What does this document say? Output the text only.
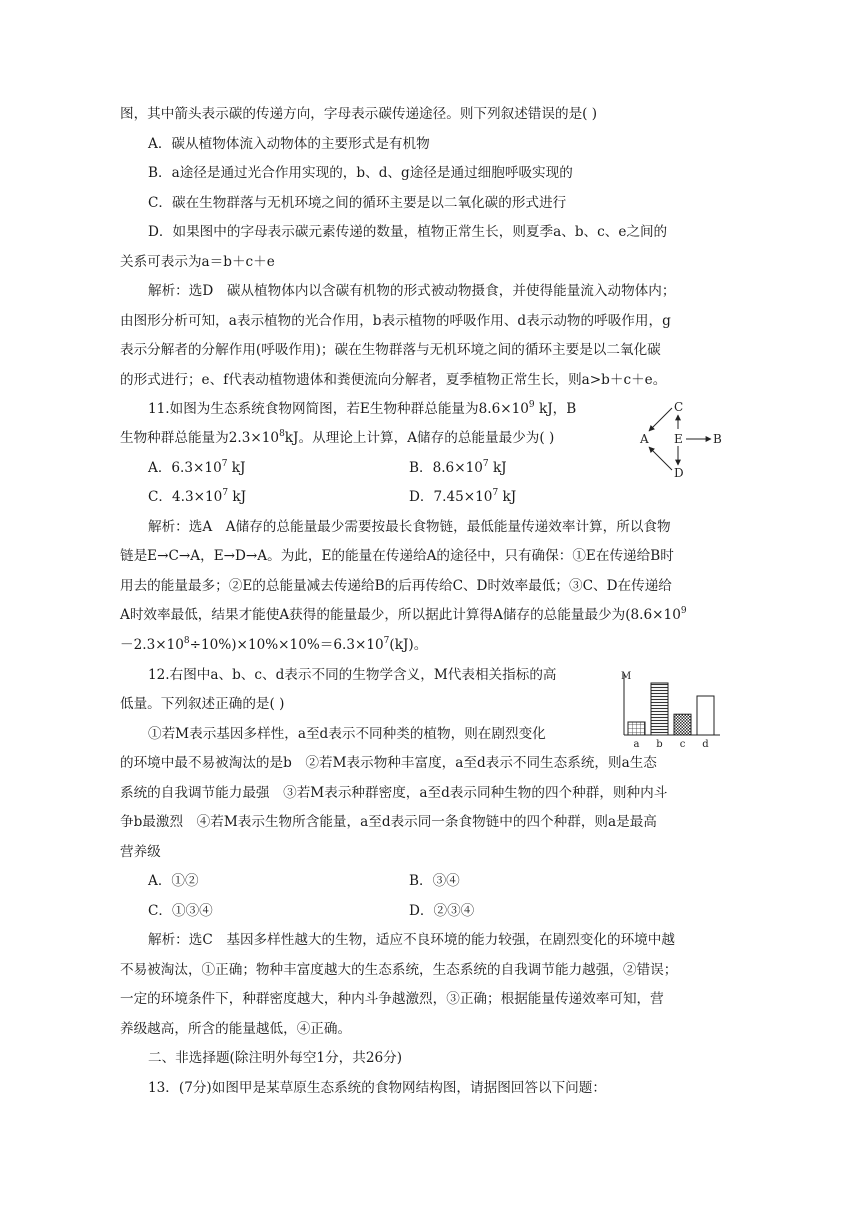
图，其中箭头表示碳的传递方向，字母表示碳传递途径。则下列叙述错误的是( )
A．碳从植物体流入动物体的主要形式是有机物
B．a途径是通过光合作用实现的，b、d、g途径是通过细胞呼吸实现的
C．碳在生物群落与无机环境之间的循环主要是以二氧化碳的形式进行
D．如果图中的字母表示碳元素传递的数量，植物正常生长，则夏季a、b、c、e之间的
关系可表示为a＝b＋c＋e
解析：选D　碳从植物体内以含碳有机物的形式被动物摄食，并使得能量流入动物体内；
由图形分析可知，a表示植物的光合作用，b表示植物的呼吸作用、d表示动物的呼吸作用，g
表示分解者的分解作用(呼吸作用)；碳在生物群落与无机环境之间的循环主要是以二氧化碳
的形式进行；e、f代表动植物遗体和粪便流向分解者，夏季植物正常生长，则a>b＋c＋e。
11.如图为生态系统食物网简图，若E生物种群总能量为$8.6\times 10^9$ kJ，B
生物种群总能量为$2.3\times 10^8kJ$。从理论上计算，A储存的总能量最少为( )
C
A E	B
D
A．$6.3\times 10^7$ kJ	B．$8.6\times 10^7$ kJ
C．$4.3\times 10^7$ kJ	D．$7.45\times 10^7$ kJ
解析：选A　A储存的总能量最少需要按最长食物链，最低能量传递效率计算，所以食物
链是E→C→A，E→D→A。为此，E的能量在传递给A的途径中，只有确保：①E在传递给B时
用去的能量最多；②E的总能量减去传递给B的后再传给C、D时效率最低；③C、D在传递给
A时效率最低，结果才能使A获得的能量最少，所以据此计算得A储存的总能量最少为($8.6\times 10^9$
$-2.3\times 10^8\div 10\%)\times 10\%\times 10\%=6.3\times 10^7(kJ)$。
12.右图中a、b、c、d表示不同的生物学含义，M代表相关指标的高
低量。下列叙述正确的是( )
M
a b c d
①若M表示基因多样性，a至d表示不同种类的植物，则在剧烈变化
的环境中最不易被淘汰的是b　②若M表示物种丰富度，a至d表示不同生态系统，则a生态
系统的自我调节能力最强　③若M表示种群密度，a至d表示同种生物的四个种群，则种内斗
争b最激烈　④若M表示生物所含能量，a至d表示同一条食物链中的四个种群，则a是最高
营养级
A．①②	B．③④
C．①③④	D．②③④
解析：选C　基因多样性越大的生物，适应不良环境的能力较强，在剧烈变化的环境中越
不易被淘汰，①正确；物种丰富度越大的生态系统，生态系统的自我调节能力越强，②错误；
一定的环境条件下，种群密度越大，种内斗争越激烈，③正确；根据能量传递效率可知，营
养级越高，所含的能量越低，④正确。
二、非选择题(除注明外每空1分，共26分)
13．(7分)如图甲是某草原生态系统的食物网结构图，请据图回答以下问题：
